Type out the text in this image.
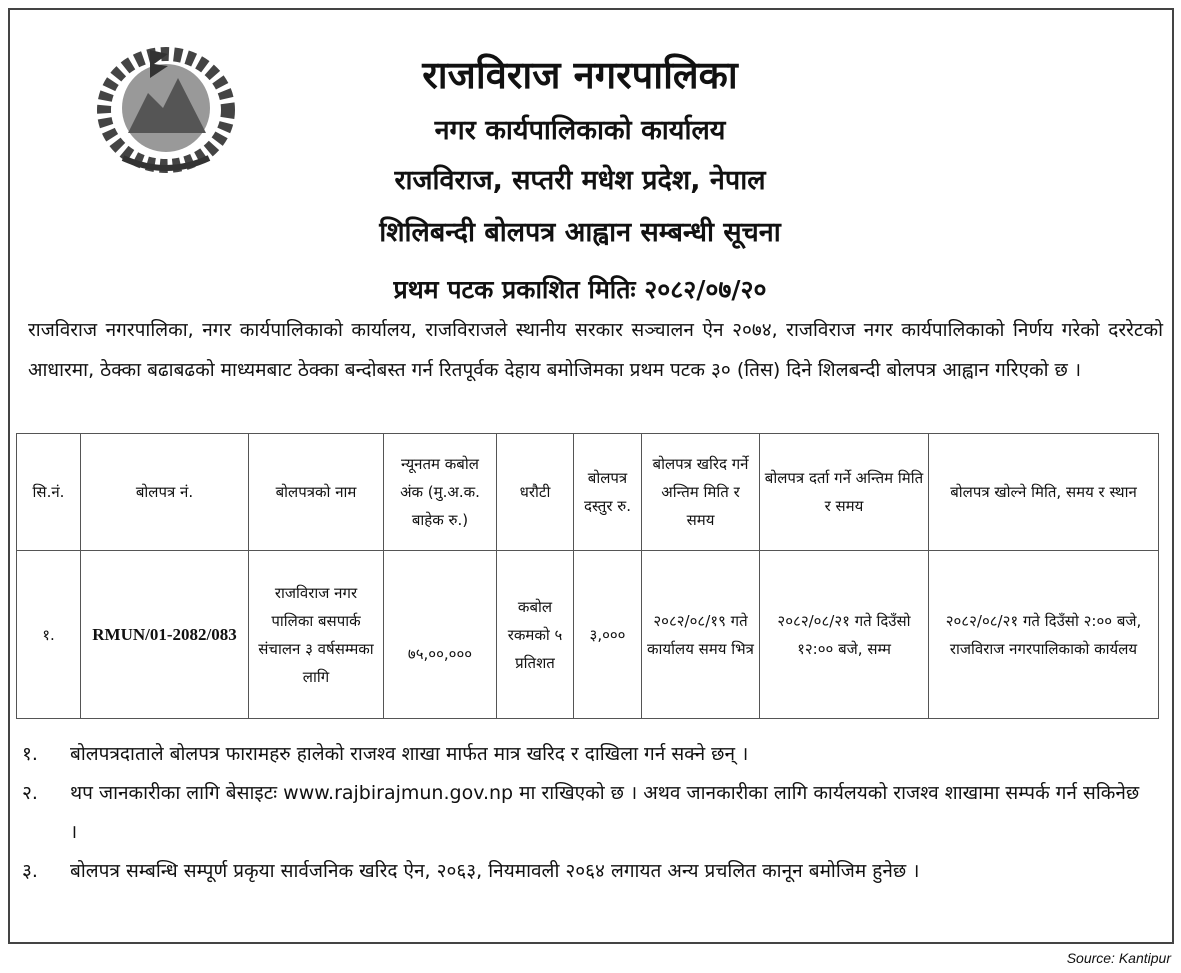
राजविराज नगरपालिका
नगर कार्यपालिकाको कार्यालय
राजविराज, सप्तरी मधेश प्रदेश, नेपाल
शिलिबन्दी बोलपत्र आह्वान सम्बन्धी सूचना
प्रथम पटक प्रकाशित मितिः २०८२/०७/२०
राजविराज नगरपालिका, नगर कार्यपालिकाको कार्यालय, राजविराजले स्थानीय सरकार सञ्चालन ऐन २०७४, राजविराज नगर कार्यपालिकाको निर्णय गरेको दररेटको आधारमा, ठेक्का बढाबढको माध्यमबाट ठेक्का बन्दोबस्त गर्न रितपूर्वक देहाय बमोजिमका प्रथम पटक ३० (तिस) दिने शिलबन्दी बोलपत्र आह्वान गरिएको छ ।
सि.नं.	बोलपत्र नं.	बोलपत्रको नाम	न्यूनतम कबोल अंक (मु.अ.क. बाहेक रु.)	धरौटी	बोलपत्र दस्तुर रु.	बोलपत्र खरिद गर्ने अन्तिम मिति र समय	बोलपत्र दर्ता गर्ने अन्तिम मिति र समय	बोलपत्र खोल्ने मिति, समय र स्थान
१.	RMUN/01-2082/083	राजविराज नगर पालिका बसपार्क संचालन ३ वर्षसम्मका लागि	७५,००,०००	कबोल रकमको ५ प्रतिशत	३,०००	२०८२/०८/१९ गते कार्यालय समय भित्र	२०८२/०८/२१ गते दिउँसो १२:०० बजे, सम्म	२०८२/०८/२१ गते दिउँसो २:०० बजे, राजविराज नगरपालिकाको कार्यलय
१.	बोलपत्रदाताले बोलपत्र फारामहरु हालेको राजश्व शाखा मार्फत मात्र खरिद र दाखिला गर्न सक्ने छन् ।
२.	थप जानकारीका लागि बेसाइटः www.rajbirajmun.gov.np मा राखिएको छ । अथव जानकारीका लागि कार्यलयको राजश्व शाखामा सम्पर्क गर्न सकिनेछ ।
३.	बोलपत्र सम्बन्धि सम्पूर्ण प्रकृया सार्वजनिक खरिद ऐन, २०६३, नियमावली २०६४ लगायत अन्य प्रचलित कानून बमोजिम हुनेछ ।
Source: Kantipur
